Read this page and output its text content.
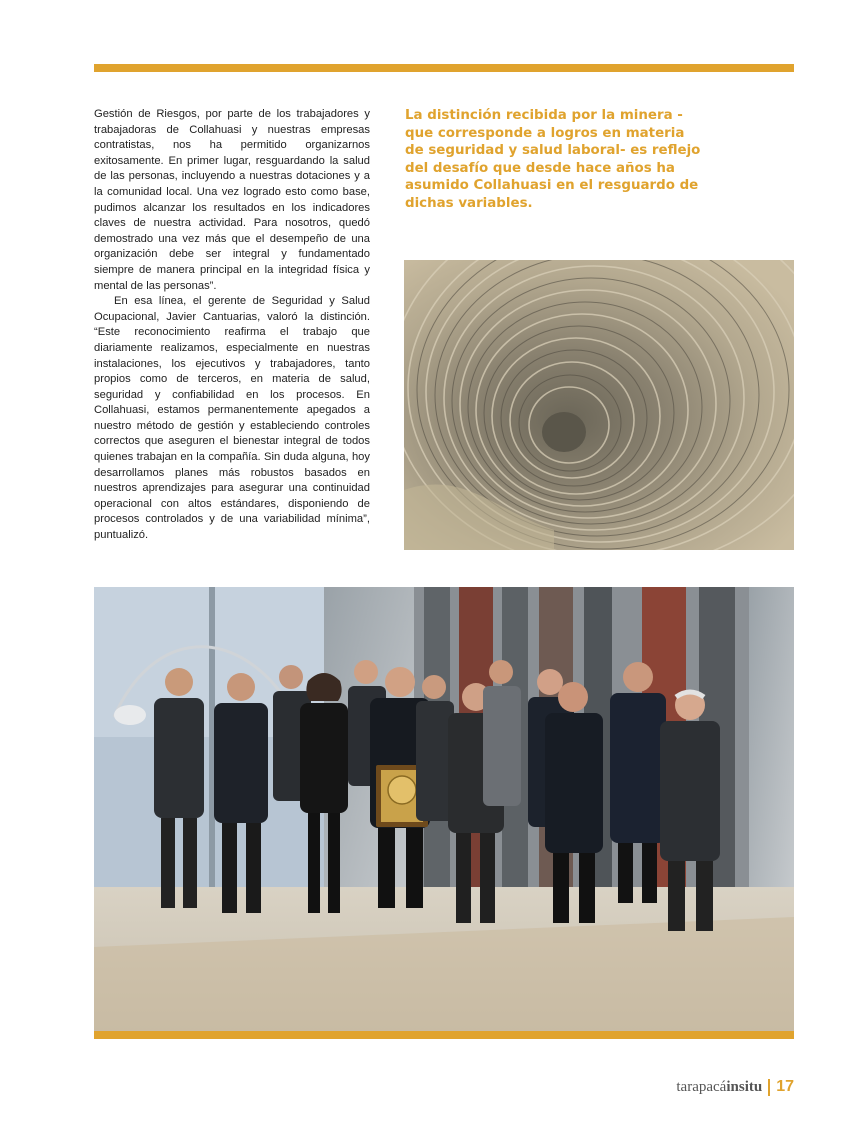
Gestión de Riesgos, por parte de los trabajadores y trabajadoras de Collahuasi y nuestras empresas contratistas, nos ha permitido organizarnos exitosamente. En primer lugar, resguardando la salud de las personas, incluyendo a nuestras dotaciones y a la comunidad local. Una vez logrado esto como base, pudimos alcanzar los resultados en los indicadores claves de nuestra actividad. Para nosotros, quedó demostrado una vez más que el desempeño de una organización debe ser integral y fundamentado siempre de manera principal en la integridad física y mental de las personas”.

En esa línea, el gerente de Seguridad y Salud Ocupacional, Javier Cantuarias, valoró la distinción. “Este reconocimiento reafirma el trabajo que diariamente realizamos, especialmente en nuestras instalaciones, los ejecutivos y trabajadores, tanto propios como de terceros, en materia de salud, seguridad y confiabilidad en los procesos. En Collahuasi, estamos permanentemente apegados a nuestro método de gestión y estableciendo controles correctos que aseguren el bienestar integral de todos quienes trabajan en la compañía. Sin duda alguna, hoy desarrollamos planes más robustos basados en nuestros aprendizajes para asegurar una continuidad operacional con altos estándares, disponiendo de procesos controlados y de una variabilidad mínima”, puntualizó.

La distinción recibida por la minera -que corresponde a logros en materia de seguridad y salud laboral- es reflejo del desafío que desde hace años ha asumido Collahuasi en el resguardo de dichas variables.

tarapacáinsitu 17
